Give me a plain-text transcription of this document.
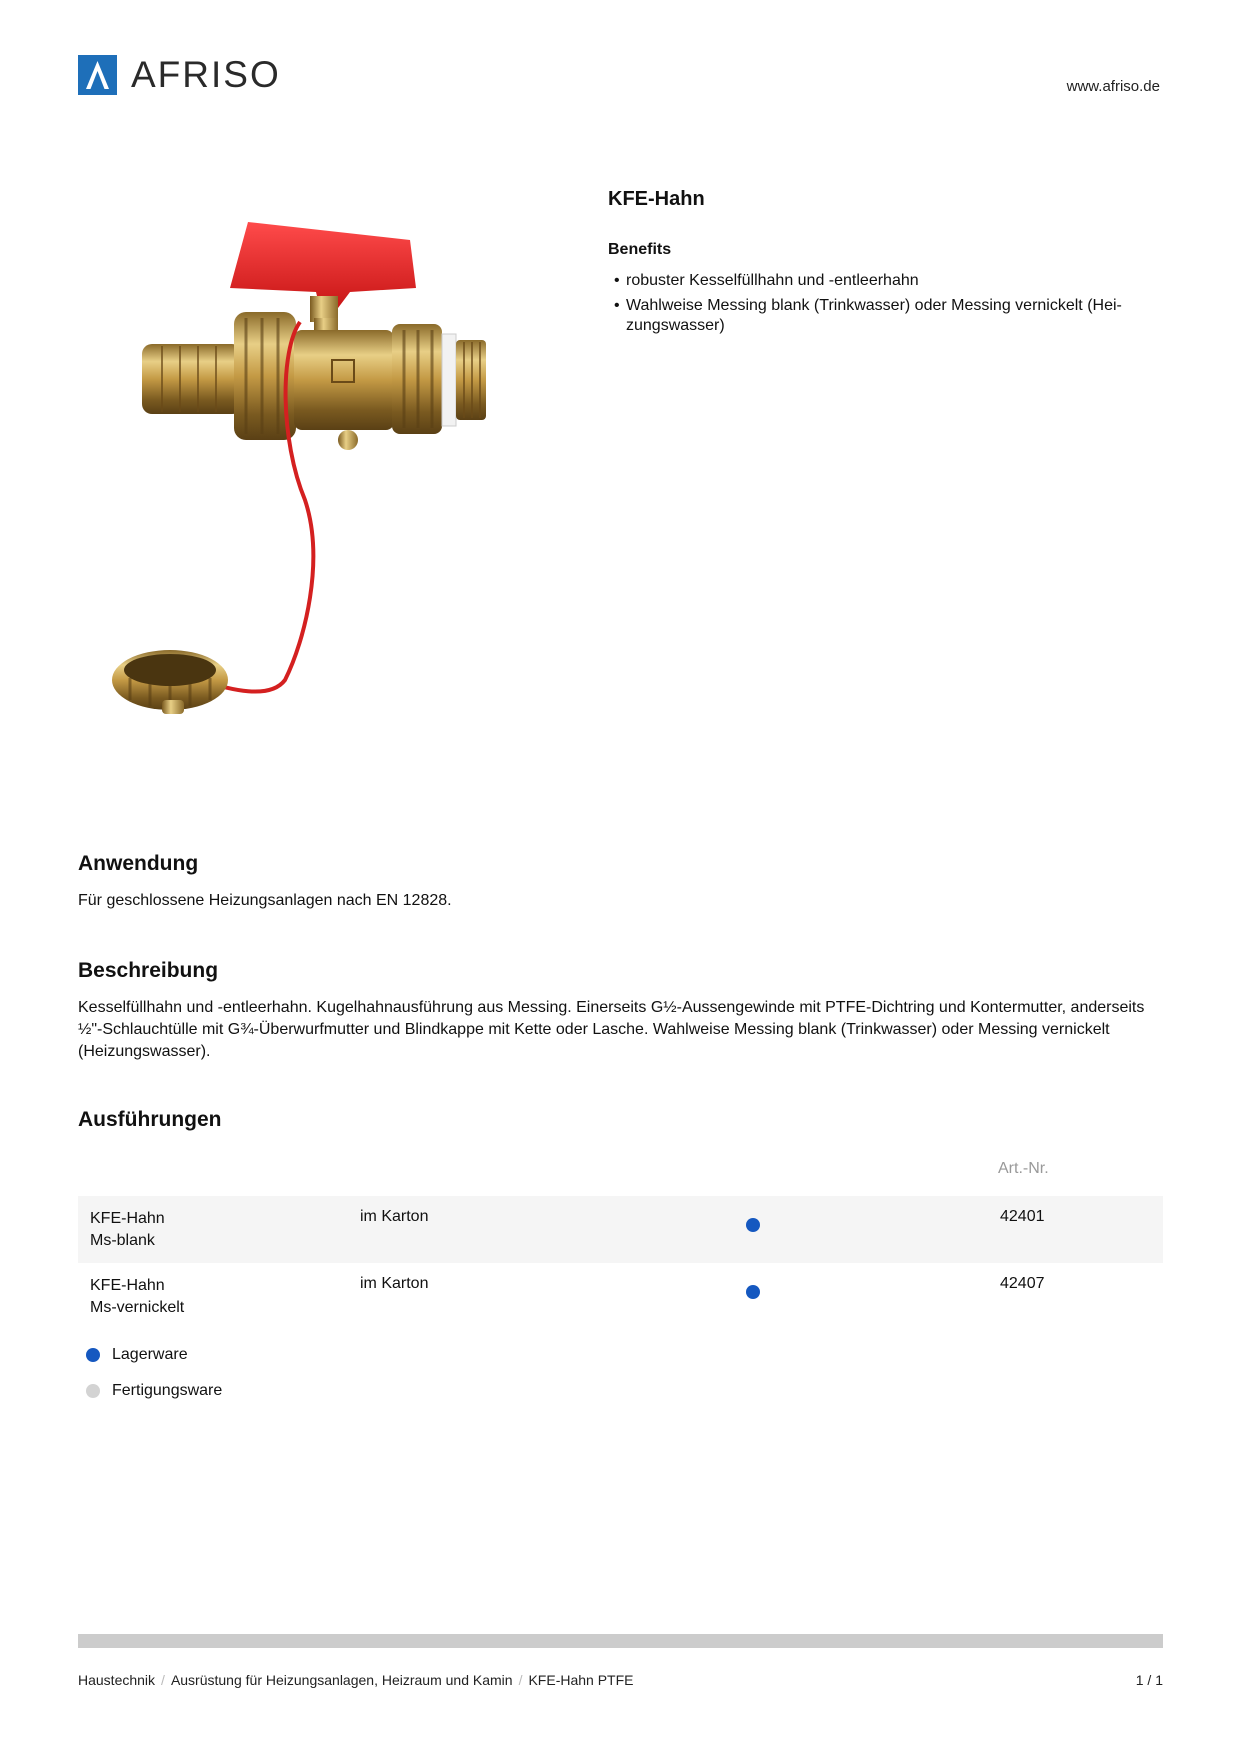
AFRISO	www.afriso.de
KFE-Hahn
Benefits
• robuster Kesselfüllhahn und -entleerhahn
• Wahlweise Messing blank (Trinkwasser) oder Messing vernickelt (Hei-zungswasser)
Anwendung

Für geschlossene Heizungsanlagen nach EN 12828.

Beschreibung

Kesselfüllhahn und -entleerhahn. Kugelhahnausführung aus Messing. Einerseits G½-Aussengewinde mit PTFE-Dichtring und Kontermutter, anderseits ½"-Schlauchtülle mit G¾-Überwurfmutter und Blindkappe mit Kette oder Lasche. Wahlweise Messing blank (Trinkwasser) oder Messing vernickelt (Heizungswasser).

Ausführungen
Art.-Nr.
KFE-Hahn
Ms-blank
im Karton	42401
KFE-Hahn
Ms-vernickelt
im Karton	42407
Lagerware
Fertigungsware
Haustechnik / Ausrüstung für Heizungsanlagen, Heizraum und Kamin / KFE-Hahn PTFE	1 / 1
